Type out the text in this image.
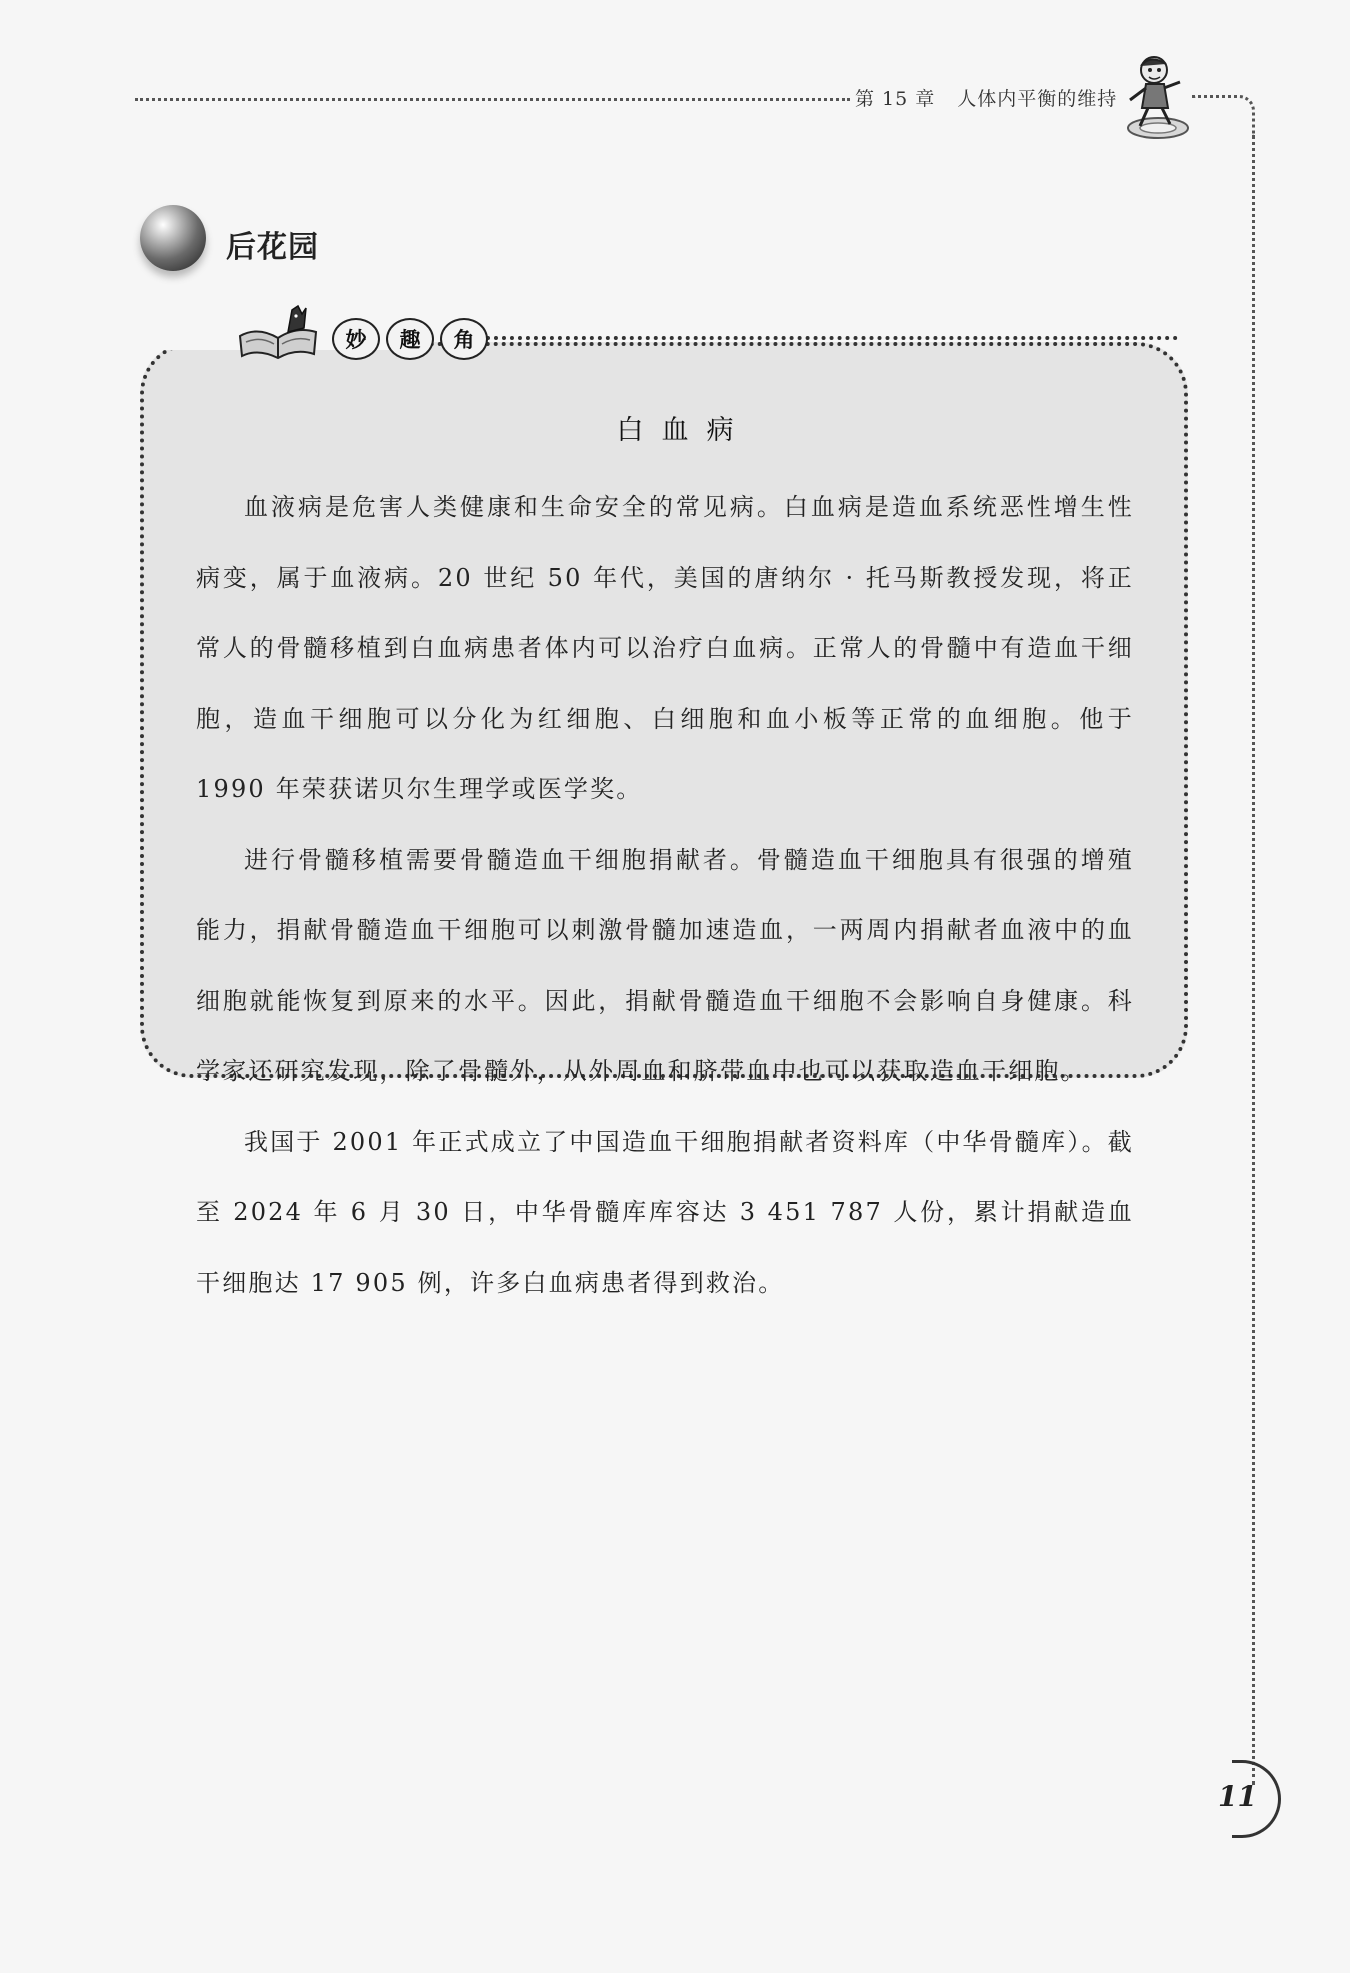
第 15 章 人体内平衡的维持
后花园
妙	趣	角
白血病

血液病是危害人类健康和生命安全的常见病。白血病是造血系统恶性增生性病变，属于血液病。20 世纪 50 年代，美国的唐纳尔 · 托马斯教授发现，将正常人的骨髓移植到白血病患者体内可以治疗白血病。正常人的骨髓中有造血干细胞，造血干细胞可以分化为红细胞、白细胞和血小板等正常的血细胞。他于 1990 年荣获诺贝尔生理学或医学奖。

进行骨髓移植需要骨髓造血干细胞捐献者。骨髓造血干细胞具有很强的增殖能力，捐献骨髓造血干细胞可以刺激骨髓加速造血，一两周内捐献者血液中的血细胞就能恢复到原来的水平。因此，捐献骨髓造血干细胞不会影响自身健康。科学家还研究发现，除了骨髓外，从外周血和脐带血中也可以获取造血干细胞。

我国于 2001 年正式成立了中国造血干细胞捐献者资料库（中华骨髓库）。截至 2024 年 6 月 30 日，中华骨髓库库容达 3 451 787 人份，累计捐献造血干细胞达 17 905 例，许多白血病患者得到救治。

11
